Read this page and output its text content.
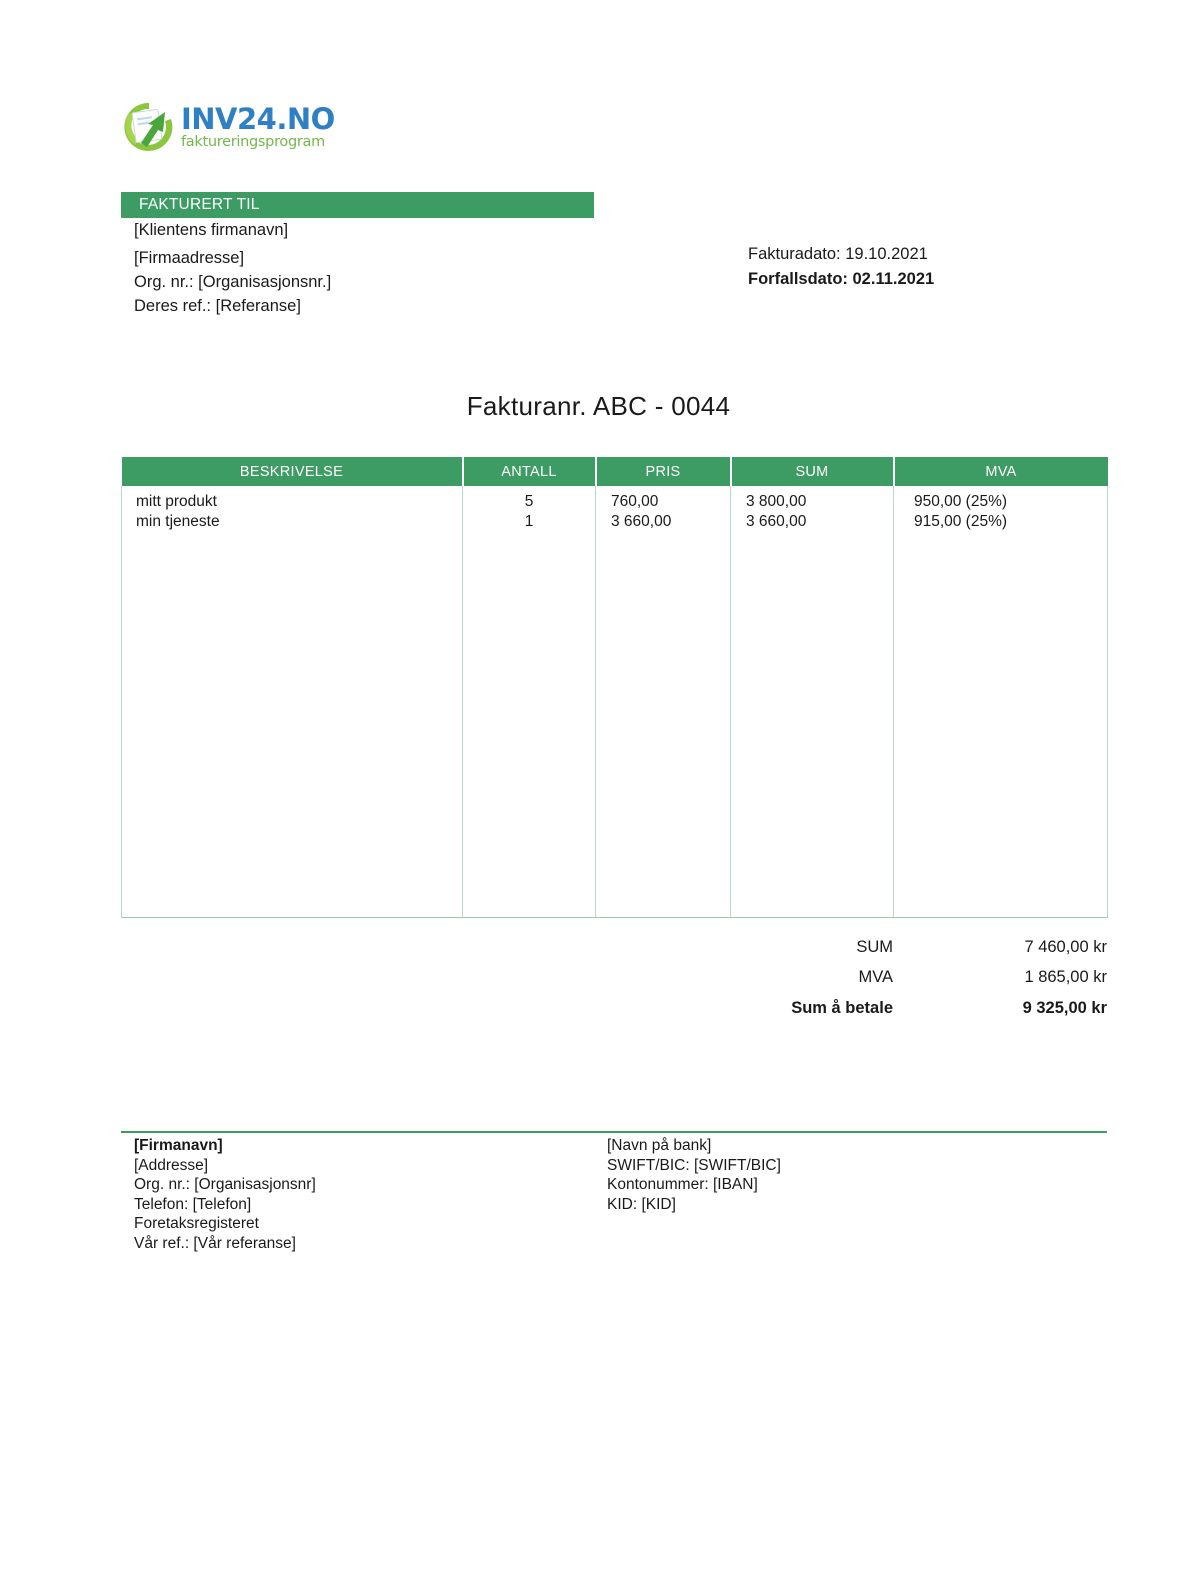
INV24.NO
faktureringsprogram
FAKTURERT TIL
[Klientens firmanavn]
[Firmaadresse]
Org. nr.: [Organisasjonsnr.]
Deres ref.: [Referanse]
Fakturadato: 19.10.2021
Forfallsdato: 02.11.2021
Fakturanr. ABC - 0044
BESKRIVELSE	ANTALL	PRIS	SUM	MVA
mitt produkt	5	760,00	3 800,00	950,00 (25%)
min tjeneste	1	3 660,00	3 660,00	915,00 (25%)

SUM	7 460,00 kr
MVA	1 865,00 kr
Sum å betale	9 325,00 kr
[Firmanavn]
[Addresse]
Org. nr.: [Organisasjonsnr]
Telefon: [Telefon]
Foretaksregisteret
Vår ref.: [Vår referanse]
[Navn på bank]
SWIFT/BIC: [SWIFT/BIC]
Kontonummer: [IBAN]
KID: [KID]
